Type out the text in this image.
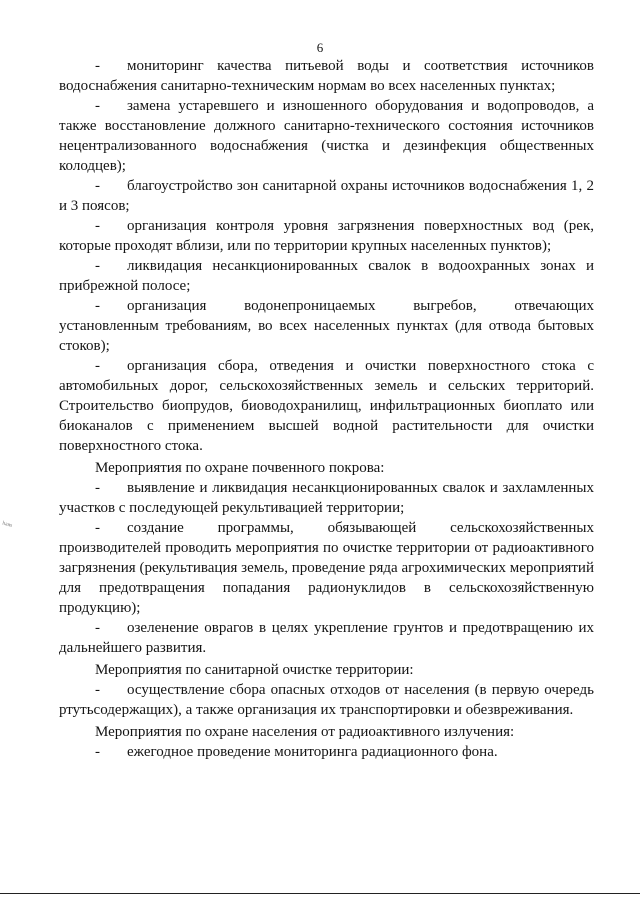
6
ʰᵃⁿˢ

- мониторинг качества питьевой воды и соответствия источников водоснабжения санитарно-техническим нормам во всех населенных пунктах;

- замена устаревшего и изношенного оборудования и водопроводов, а также восстановление должного санитарно-технического состояния источников нецентрализованного водоснабжения (чистка и дезинфекция общественных колодцев);

- благоустройство зон санитарной охраны источников водоснабжения 1, 2 и 3 поясов;

- организация контроля уровня загрязнения поверхностных вод (рек, которые проходят вблизи, или по территории крупных населенных пунктов);

- ликвидация несанкционированных свалок в водоохранных зонах и прибрежной полосе;

- организация водонепроницаемых выгребов, отвечающих установленным требованиям, во всех населенных пунктах (для отвода бытовых стоков);

- организация сбора, отведения и очистки поверхностного стока с автомобильных дорог, сельскохозяйственных земель и сельских территорий. Строительство биопрудов, биоводохранилищ, инфильтрационных биоплато или биоканалов с применением высшей водной растительности для очистки поверхностного стока.

Мероприятия по охране почвенного покрова:

- выявление и ликвидация несанкционированных свалок и захламленных участков с последующей рекультивацией территории;

- создание программы, обязывающей сельскохозяйственных производителей проводить мероприятия по очистке территории от радиоактивного загрязнения (рекультивация земель, проведение ряда агрохимических мероприятий для предотвращения попадания радионуклидов в сельскохозяйственную продукцию);

- озеленение оврагов в целях укрепление грунтов и предотвращению их дальнейшего развития.

Мероприятия по санитарной очистке территории:

- осуществление сбора опасных отходов от населения (в первую очередь ртутьсодержащих), а также организация их транспортировки и обезвреживания.

Мероприятия по охране населения от радиоактивного излучения:

- ежегодное проведение мониторинга радиационного фона.
